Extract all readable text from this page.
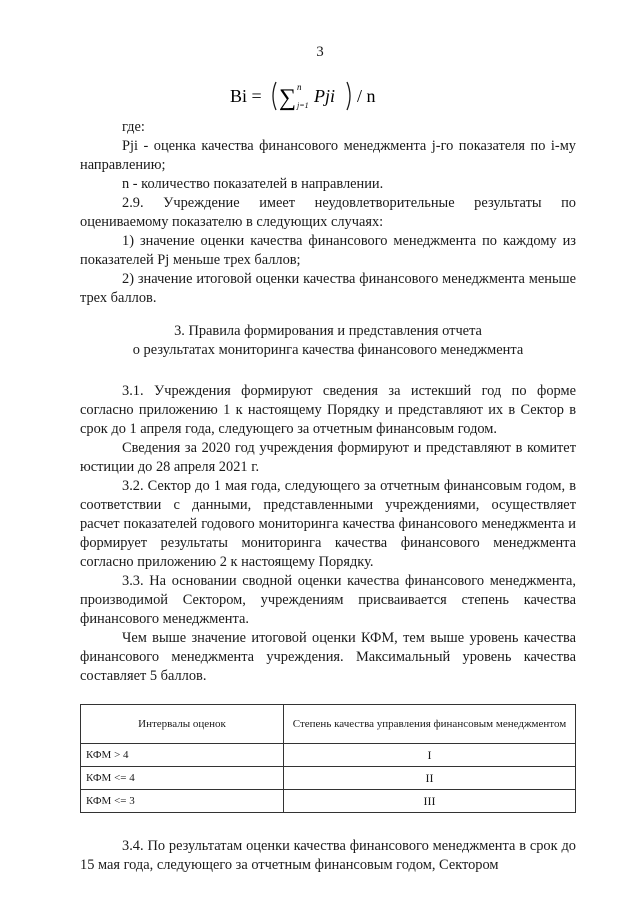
3
Bi = ∑ n
j=1 Pji / n

где:

Pji - оценка качества финансового менеджмента j-го показателя по i-му направлению;

n - количество показателей в направлении.

2.9. Учреждение имеет неудовлетворительные результаты по оцениваемому показателю в следующих случаях:

1) значение оценки качества финансового менеджмента по каждому из показателей Pj меньше трех баллов;

2) значение итоговой оценки качества финансового менеджмента меньше трех баллов.

3. Правила формирования и представления отчета
о результатах мониторинга качества финансового менеджмента

3.1. Учреждения формируют сведения за истекший год по форме согласно приложению 1 к настоящему Порядку и представляют их в Сектор в срок до 1 апреля года, следующего за отчетным финансовым годом.

Сведения за 2020 год учреждения формируют и представляют в комитет юстиции до 28 апреля 2021 г.

3.2. Сектор до 1 мая года, следующего за отчетным финансовым годом, в соответствии с данными, представленными учреждениями, осуществляет расчет показателей годового мониторинга качества финансового менеджмента и формирует результаты мониторинга качества финансового менеджмента согласно приложению 2 к настоящему Порядку.

3.3. На основании сводной оценки качества финансового менеджмента, производимой Сектором, учреждениям присваивается степень качества финансового менеджмента.

Чем выше значение итоговой оценки КФМ, тем выше уровень качества финансового менеджмента учреждения. Максимальный уровень качества составляет 5 баллов.

Интервалы оценок	Степень качества управления финансовым менеджментом
КФМ > 4	I
КФМ <= 4	II
КФМ <= 3	III

3.4. По результатам оценки качества финансового менеджмента в срок до 15 мая года, следующего за отчетным финансовым годом, Сектором
